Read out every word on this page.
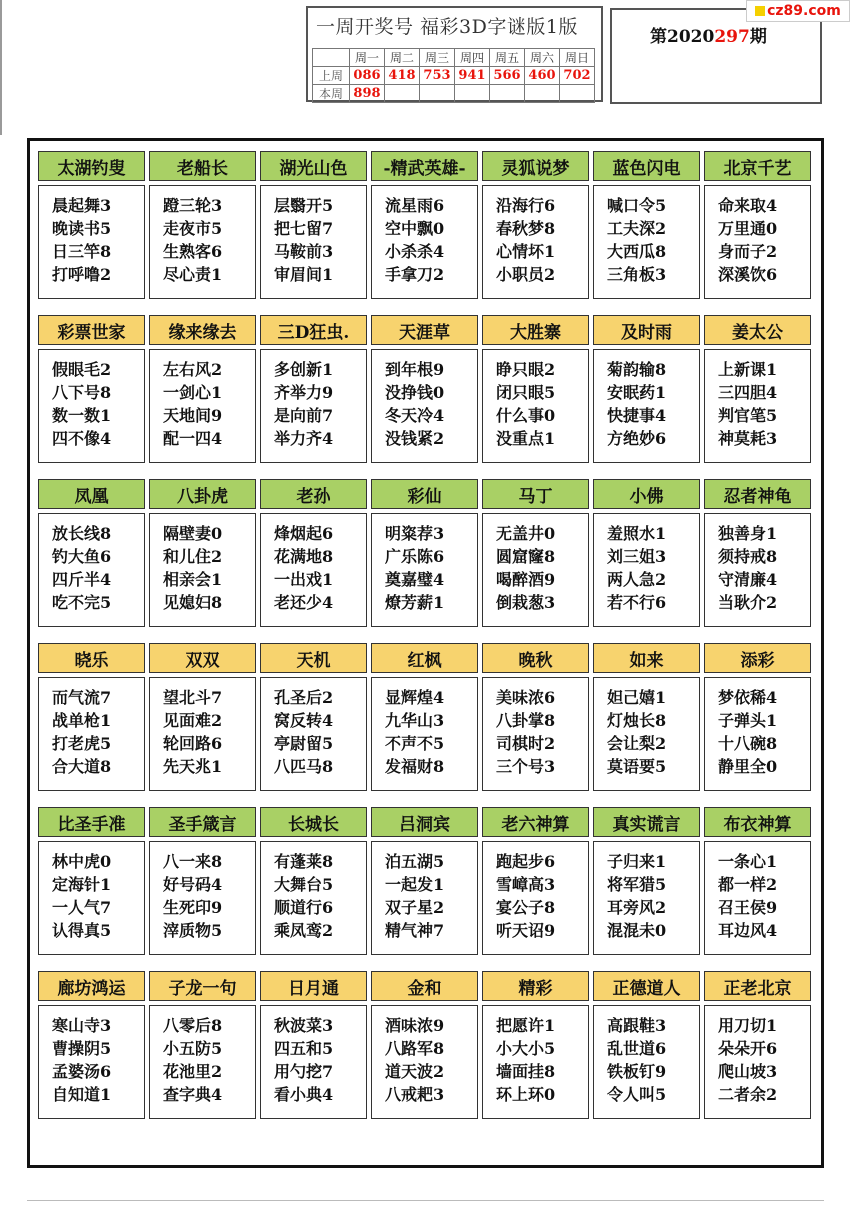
一周开奖号 福彩3D字谜版1版
	周一	周二	周三	周四	周五	周六	周日
上周	086	418	753	941	566	460	702
本周	898						
第2020297期
cz89.com
太湖钓叟
晨起舞3
晚读书5
日三竿8
打呼噜2
老船长
蹬三轮3
走夜市5
生熟客6
尽心责1
湖光山色
层翳开5
把七留7
马鞍前3
审眉间1
-精武英雄-
流星雨6
空中飘0
小杀杀4
手拿刀2
灵狐说梦
沿海行6
春秋梦8
心情坏1
小职员2
蓝色闪电
喊口令5
工夫深2
大西瓜8
三角板3
北京千艺
命来取4
万里通0
身而子2
深溪饮6
彩票世家
假眼毛2
八下号8
数一数1
四不像4
缘来缘去
左右风2
一剑心1
天地间9
配一四4
三D狂虫.
多创新1
齐举力9
是向前7
举力齐4
天涯草
到年根9
没挣钱0
冬天冷4
没钱紧2
大胜寨
睁只眼2
闭只眼5
什么事0
没重点1
及时雨
菊韵输8
安眠药1
快捷事4
方绝妙6
姜太公
上新课1
三四胆4
判官笔5
神莫耗3
凤凰
放长线8
钓大鱼6
四斤半4
吃不完5
八卦虎
隔壁妻0
和儿住2
相亲会1
见媳妇8
老孙
烽烟起6
花满地8
一出戏1
老还少4
彩仙
明粢荐3
广乐陈6
奠嘉璧4
燎芳薪1
马丁
无盖井0
圆窟窿8
喝醉酒9
倒栽葱3
小佛
羞照水1
刘三姐3
两人急2
若不行6
忍者神龟
独善身1
须持戒8
守清廉4
当耿介2
晓乐
而气流7
战单枪1
打老虎5
合大道8
双双
望北斗7
见面难2
轮回路6
先天兆1
天机
孔圣后2
窝反转4
亭尉留5
八匹马8
红枫
显辉煌4
九华山3
不声不5
发福财8
晚秋
美味浓6
八卦掌8
司棋时2
三个号3
如来
妲己嬉1
灯烛长8
会让梨2
莫语要5
添彩
梦依稀4
子弹头1
十八碗8
静里全0
比圣手准
林中虎0
定海针1
一人气7
认得真5
圣手箴言
八一来8
好号码4
生死印9
滓质物5
长城长
有蓬莱8
大舞台5
顺道行6
乘凤鸾2
吕洞宾
泊五湖5
一起发1
双子星2
精气神7
老六神算
跑起步6
雪嶂高3
宴公子8
听天诏9
真实谎言
子归来1
将军猎5
耳旁风2
混混未0
布衣神算
一条心1
都一样2
召王侯9
耳边风4
廊坊鸿运
寒山寺3
曹操阴5
孟婆汤6
自知道1
子龙一句
八零后8
小五防5
花池里2
查字典4
日月通
秋波菜3
四五和5
用勺挖7
看小典4
金和
酒味浓9
八路军8
道天波2
八戒耙3
精彩
把愿许1
小大小5
墙面挂8
环上环0
正德道人
高跟鞋3
乱世道6
铁板钉9
令人叫5
正老北京
用刀切1
朵朵开6
爬山坡3
二者余2
